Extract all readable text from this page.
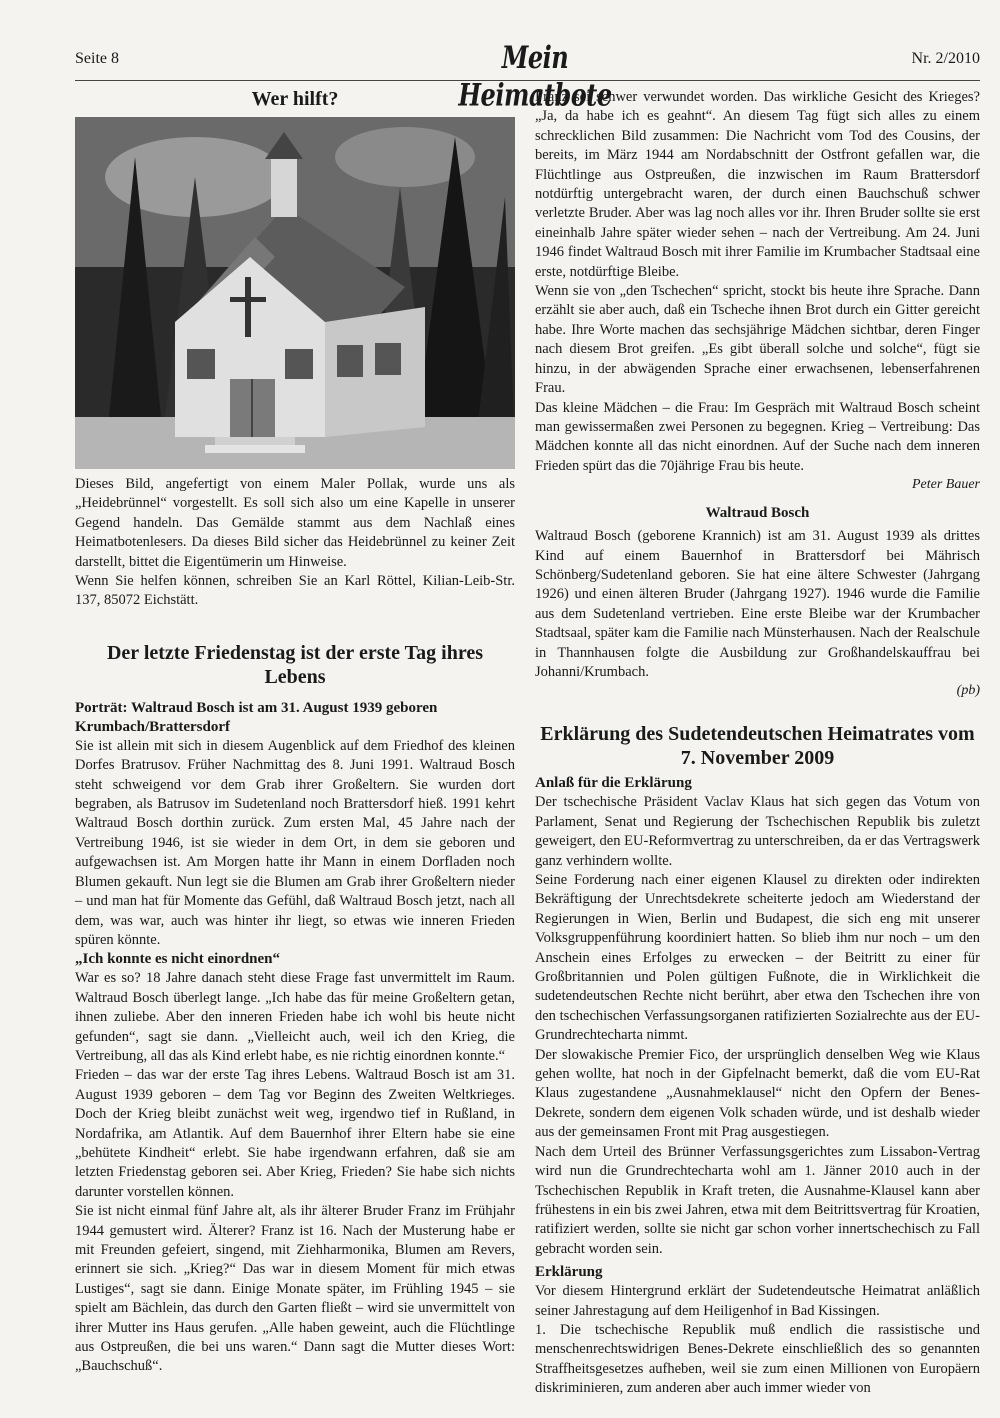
Seite 8	Mein Heimatbote
Nr. 2/2010
Wer hilft?

Dieses Bild, angefertigt von einem Maler Pollak, wurde uns als „Heidebrünnel“ vorgestellt. Es soll sich also um eine Kapelle in unserer Gegend handeln. Das Gemälde stammt aus dem Nachlaß eines Heimatbotenlesers. Da dieses Bild sicher das Heidebrünnel zu keiner Zeit darstellt, bittet die Eigentümerin um Hinweise.

Wenn Sie helfen können, schreiben Sie an Karl Röttel, Kilian-Leib-Str. 137, 85072 Eichstätt.

Der letzte Friedenstag ist der erste Tag ihres Lebens
Porträt: Waltraud Bosch ist am 31. August 1939 geboren
Krumbach/Brattersdorf

Sie ist allein mit sich in diesem Augenblick auf dem Friedhof des kleinen Dorfes Bratrusov. Früher Nachmittag des 8. Juni 1991. Waltraud Bosch steht schweigend vor dem Grab ihrer Großeltern. Sie wurden dort begraben, als Batrusov im Sudetenland noch Brattersdorf hieß. 1991 kehrt Waltraud Bosch dorthin zurück. Zum ersten Mal, 45 Jahre nach der Vertreibung 1946, ist sie wieder in dem Ort, in dem sie geboren und aufgewachsen ist. Am Morgen hatte ihr Mann in einem Dorfladen noch Blumen gekauft. Nun legt sie die Blumen am Grab ihrer Großeltern nieder – und man hat für Momente das Gefühl, daß Waltraud Bosch jetzt, nach all dem, was war, auch was hinter ihr liegt, so etwas wie inneren Frieden spüren könnte.

„Ich konnte es nicht einordnen“

War es so? 18 Jahre danach steht diese Frage fast unvermittelt im Raum. Waltraud Bosch überlegt lange. „Ich habe das für meine Großeltern getan, ihnen zuliebe. Aber den inneren Frieden habe ich wohl bis heute nicht gefunden“, sagt sie dann. „Vielleicht auch, weil ich den Krieg, die Vertreibung, all das als Kind erlebt habe, es nie richtig einordnen konnte.“

Frieden – das war der erste Tag ihres Lebens. Waltraud Bosch ist am 31. August 1939 geboren – dem Tag vor Beginn des Zweiten Weltkrieges. Doch der Krieg bleibt zunächst weit weg, irgendwo tief in Rußland, in Nordafrika, am Atlantik. Auf dem Bauernhof ihrer Eltern habe sie eine „behütete Kindheit“ erlebt. Sie habe irgendwann erfahren, daß sie am letzten Friedenstag geboren sei. Aber Krieg, Frieden? Sie habe sich nichts darunter vorstellen können.

Sie ist nicht einmal fünf Jahre alt, als ihr älterer Bruder Franz im Frühjahr 1944 gemustert wird. Älterer? Franz ist 16. Nach der Musterung habe er mit Freunden gefeiert, singend, mit Ziehharmonika, Blumen am Revers, erinnert sie sich. „Krieg?“ Das war in diesem Moment für mich etwas Lustiges“, sagt sie dann. Einige Monate später, im Frühling 1945 – sie spielt am Bächlein, das durch den Garten fließt – wird sie unvermittelt von ihrer Mutter ins Haus gerufen. „Alle haben geweint, auch die Flüchtlinge aus Ostpreußen, die bei uns waren.“ Dann sagt die Mutter dieses Wort: „Bauchschuß“.

Franz sei schwer verwundet worden. Das wirkliche Gesicht des Krieges? „Ja, da habe ich es geahnt“. An diesem Tag fügt sich alles zu einem schrecklichen Bild zusammen: Die Nachricht vom Tod des Cousins, der bereits, im März 1944 am Nordabschnitt der Ostfront gefallen war, die Flüchtlinge aus Ostpreußen, die inzwischen im Raum Brattersdorf notdürftig untergebracht waren, der durch einen Bauchschuß schwer verletzte Bruder. Aber was lag noch alles vor ihr. Ihren Bruder sollte sie erst eineinhalb Jahre später wieder sehen – nach der Vertreibung. Am 24. Juni 1946 findet Waltraud Bosch mit ihrer Familie im Krumbacher Stadtsaal eine erste, notdürftige Bleibe.

Wenn sie von „den Tschechen“ spricht, stockt bis heute ihre Sprache. Dann erzählt sie aber auch, daß ein Tscheche ihnen Brot durch ein Gitter gereicht habe. Ihre Worte machen das sechsjährige Mädchen sichtbar, deren Finger nach diesem Brot greifen. „Es gibt überall solche und solche“, fügt sie hinzu, in der abwägenden Sprache einer erwachsenen, lebenserfahrenen Frau.

Das kleine Mädchen – die Frau: Im Gespräch mit Waltraud Bosch scheint man gewissermaßen zwei Personen zu begegnen. Krieg – Vertreibung: Das Mädchen konnte all das nicht einordnen. Auf der Suche nach dem inneren Frieden spürt das die 70jährige Frau bis heute.

Peter Bauer
Waltraud Bosch

Waltraud Bosch (geborene Krannich) ist am 31. August 1939 als drittes Kind auf einem Bauernhof in Brattersdorf bei Mährisch Schönberg/Sudetenland geboren. Sie hat eine ältere Schwester (Jahrgang 1926) und einen älteren Bruder (Jahrgang 1927). 1946 wurde die Familie aus dem Sudetenland vertrieben. Eine erste Bleibe war der Krumbacher Stadtsaal, später kam die Familie nach Münsterhausen. Nach der Realschule in Thannhausen folgte die Ausbildung zur Großhandelskauffrau bei Johanni/Krumbach.

(pb)
Erklärung des Sudetendeutschen Heimatrates vom 7. November 2009
Anlaß für die Erklärung

Der tschechische Präsident Vaclav Klaus hat sich gegen das Votum von Parlament, Senat und Regierung der Tschechischen Republik bis zuletzt geweigert, den EU-Reformvertrag zu unterschreiben, da er das Vertragswerk ganz verhindern wollte.

Seine Forderung nach einer eigenen Klausel zu direkten oder indirekten Bekräftigung der Unrechtsdekrete scheiterte jedoch am Wiederstand der Regierungen in Wien, Berlin und Budapest, die sich eng mit unserer Volksgruppenführung koordiniert hatten. So blieb ihm nur noch – um den Anschein eines Erfolges zu erwecken – der Beitritt zu einer für Großbritannien und Polen gültigen Fußnote, die in Wirklichkeit die sudetendeutschen Rechte nicht berührt, aber etwa den Tschechen ihre von den tschechischen Verfassungsorganen ratifizierten Sozialrechte aus der EU-Grundrechtecharta nimmt.

Der slowakische Premier Fico, der ursprünglich denselben Weg wie Klaus gehen wollte, hat noch in der Gipfelnacht bemerkt, daß die vom EU-Rat Klaus zugestandene „Ausnahmeklausel“ nicht den Opfern der Benes-Dekrete, sondern dem eigenen Volk schaden würde, und ist deshalb wieder aus der gemeinsamen Front mit Prag ausgestiegen.

Nach dem Urteil des Brünner Verfassungsgerichtes zum Lissabon-Vertrag wird nun die Grundrechtecharta wohl am 1. Jänner 2010 auch in der Tschechischen Republik in Kraft treten, die Ausnahme-Klausel kann aber frühestens in ein bis zwei Jahren, etwa mit dem Beitrittsvertrag für Kroatien, ratifiziert werden, sollte sie nicht gar schon vorher innertschechisch zu Fall gebracht worden sein.

Erklärung

Vor diesem Hintergrund erklärt der Sudetendeutsche Heimatrat anläßlich seiner Jahrestagung auf dem Heiligenhof in Bad Kissingen.

1. Die tschechische Republik muß endlich die rassistische und menschenrechtswidrigen Benes-Dekrete einschließlich des so genannten Straffheitsgesetzes aufheben, weil sie zum einen Millionen von Europäern diskriminieren, zum anderen aber auch immer wieder von
